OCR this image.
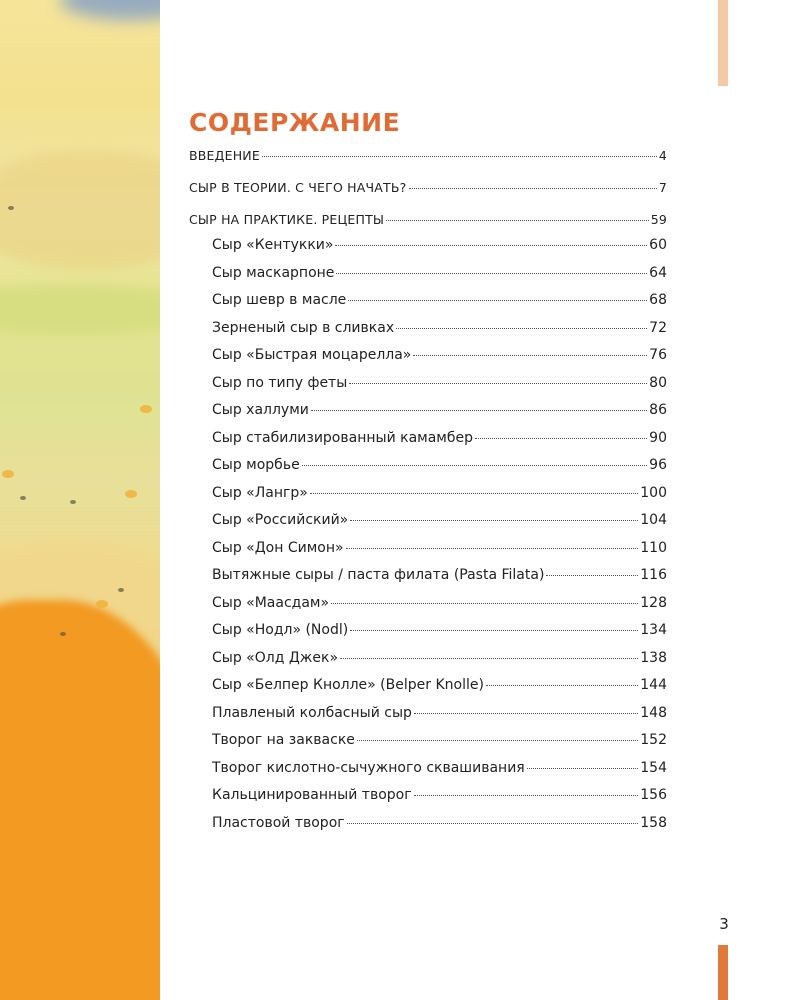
3
СОДЕРЖАНИЕ
ВВЕДЕНИЕ	4
СЫР В ТЕОРИИ. С ЧЕГО НАЧАТЬ?	7
СЫР НА ПРАКТИКЕ. РЕЦЕПТЫ	59
Сыр «Кентукки»	60
Сыр маскарпоне	64
Сыр шевр в масле	68
Зерненый сыр в сливках	72
Сыр «Быстрая моцарелла»	76
Сыр по типу феты	80
Сыр халлуми	86
Сыр стабилизированный камамбер	90
Сыр морбье	96
Сыр «Лангр»	100
Сыр «Российский»	104
Сыр «Дон Симон»	110
Вытяжные сыры / паста филата (Pasta Filata)	116
Сыр «Маасдам»	128
Сыр «Нодл» (Nodl)	134
Сыр «Олд Джек»	138
Сыр «Белпер Кнолле» (Belper Knolle)	144
Плавленый колбасный сыр	148
Творог на закваске	152
Творог кислотно-сычужного сквашивания	154
Кальцинированный творог	156
Пластовой творог	158
